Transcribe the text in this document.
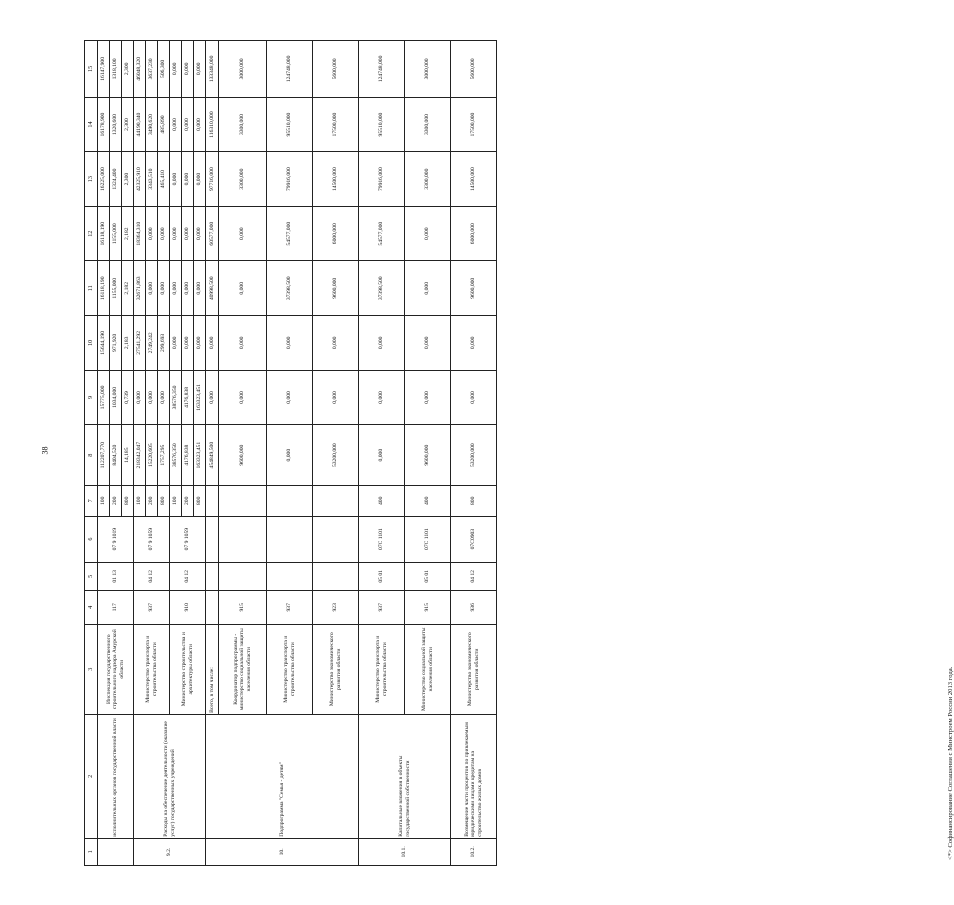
38
1	2	3	4	5	6	7	8	9	10	11	12	13	14	15
	исполнительных органов государственной власти	Инспекция государственного строительного надзора Амурской области	117	01 13	07 9 1019	100	112207,770	15775,000	15644,190	16118,190	16118,190	16225,000	16178,900	16147,900
						200	8404,520	1034,000	971,920	1155,000	1155,000	1324,400	1320,600	1318,100
						800	14,185	0,739	2,183	2,182	2,182	2,300	2,300	2,300
9.2.	Расходы на обеспечение деятельности (оказание услуг) государственных учреждений	Министерство транспорта и строительства области	937	04 12	07 9 1059	100	218342,047	0,000	27541,292	32671,863	18364,310	42325,910	44190,340	46048,320
						200	15220,605	0,000	2749,242	0,000	0,000	3343,510	3490,620	3637,230
						800	1757,295	0,000	299,693	0,000	0,000	465,410	485,890	506,300
		Министерство строительства и архитектуры области	910	04 12	07 9 1059	100	38576,350	38576,350	0,000	0,000	0,000	0,000	0,000	0,000
						200	4176,838	4176,838	0,000	0,000	0,000	0,000	0,000	0,000
						800	163323,451	163323,451	0,000	0,000	0,000	0,000	0,000	0,000
10.	Подпрограмма "Семья - детям"	Всего, в том числе:					454849,500	0,000	0,000	40998,500	60577,000	97716,000	116310,000	133348,000
		Координатор подпрограммы - министерство социальной защиты населения области	915				9600,000	0,000	0,000	0,000	0,000	3300,000	3300,000	3000,000
		Министерство транспорта и строительства области	937				0,000	0,000	0,000	37398,500	54577,000	79916,000	95510,000	124748,000
		Министерство экономического развития области	923				53200,000	0,000	0,000	9600,000	6000,000	14500,000	17500,000	5600,000
10.1.	Капитальные вложения в объекты государственной собственности	Министерство транспорта и строительства области	937	05 01	07С 1101	400	0,000	0,000	0,000	37398,500	54577,000	79916,000	95510,000	124748,000
		Министерство социальной защиты населения области	915	05 01	07С 1101	400	9600,000	0,000	0,000	0,000	0,000	3300,000	3300,000	3000,000
10.2.	Возмещение части процентов по привлекаемым юридическими лицами кредитам на строительство жилых домов	Министерство экономического развития области	936	04 12	07С0903	800	53200,000	0,000	0,000	9600,000	6000,000	14500,000	17500,000	5600,000
<*> Софинансирование Соглашения с Минстроем России 2013 года.
